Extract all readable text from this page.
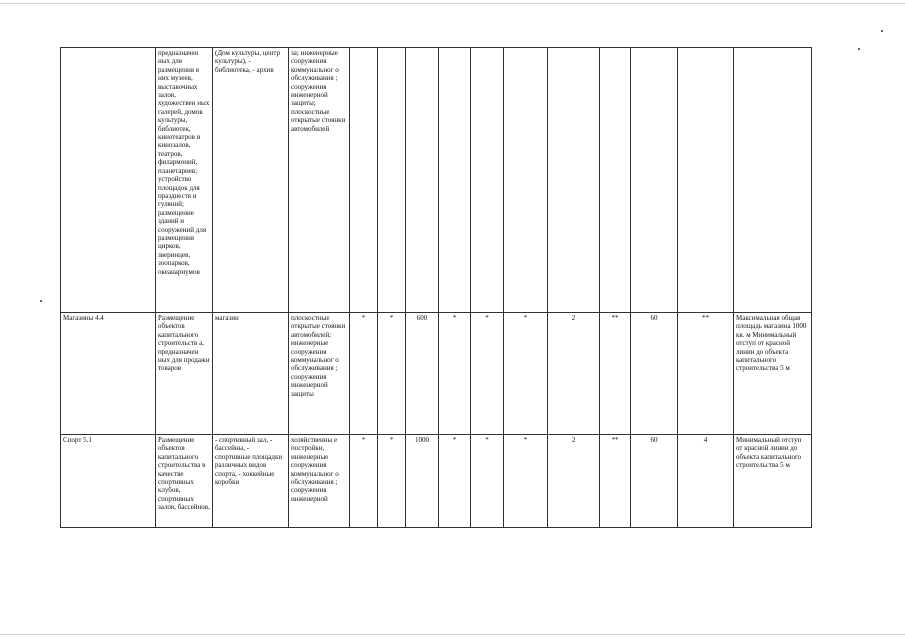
	предназначен ных для размещения в них музеев, выставочных залов, художествен ных галерей, домов культуры, библиотек, кинотеатров и кинозалов, театров, филармоний, планетариев; устройство площадок для празднеств и гуляний; размещение зданий и сооружений для размещения цирков, зверинцев, зоопарков, океанариумов	(Дом культуры, центр культуры), - библиотека, - архив	за; инженерные сооружения коммунальног о обслуживания ; сооружения инженерной защиты; плоскостные открытые стоянки автомобилей											
Магазины 4.4	Размещение объектов капитального строительств а, предназначен ных для продажи товаров	магазин	плоскостные открытые стоянки автомобилей; инженерные сооружения коммунальног о обслуживания ; сооружения инженерной защиты	*	*	600	*	*	*	2	**	60	**	Максимальная общая площадь магазина 1000 кв. м Минимальный отступ от красной линии до объекта капитального строительства 5 м
Спорт 5.1	Размещение объектов капитального строительства в качестве спортивных клубов, спортивных залов, бассейнов,	- спортивный зал, - бассейны, - спортивные площадки различных видов спорта, - хоккейные коробки	хозяйственны е постройки, инженерные сооружения коммунальног о обслуживания ; сооружения инженерной	*	*	1000	*	*	*	2	**	60	4	Минимальный отступ от красной линии до объекта капитального строительства 5 м
